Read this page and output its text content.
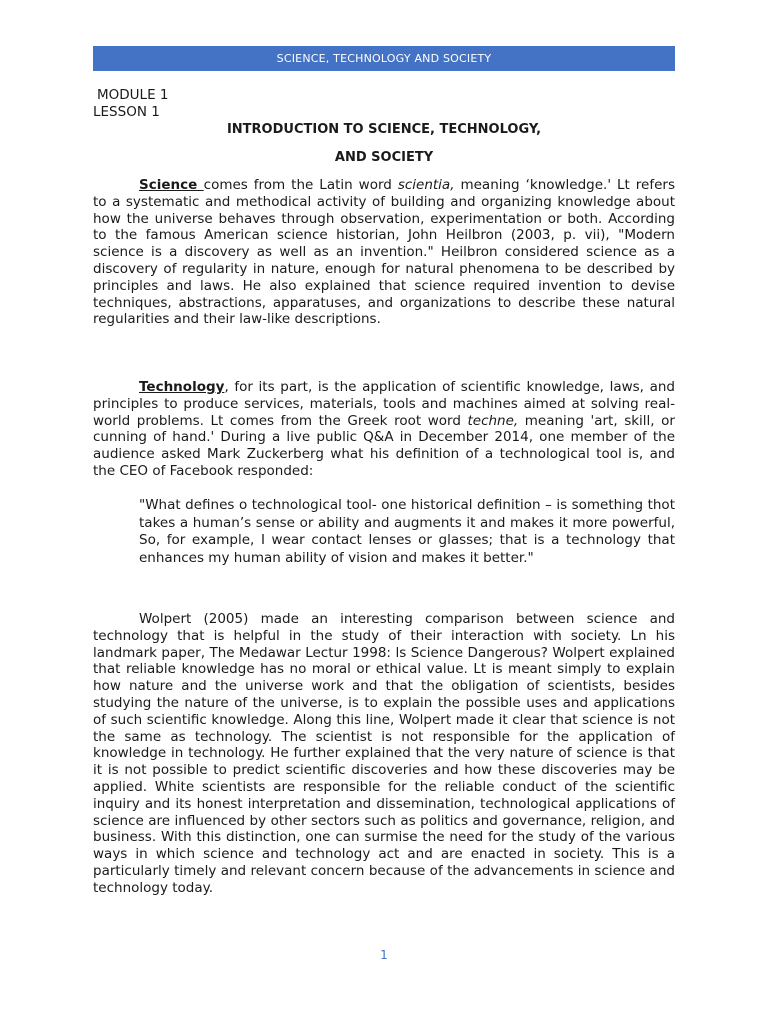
SCIENCE, TECHNOLOGY AND SOCIETY
MODULE 1
LESSON 1
INTRODUCTION TO SCIENCE, TECHNOLOGY,
AND SOCIETY

Science comes from the Latin word scientia, meaning ‘knowledge.' Lt refers to a systematic and methodical activity of building and organizing knowledge about how the universe behaves through observation, experimentation or both. According to the famous American science historian, John Heilbron (2003, p. vii), "Modern science is a discovery as well as an invention." Heilbron considered science as a discovery of regularity in nature, enough for natural phenomena to be described by principles and laws. He also explained that science required invention to devise techniques, abstractions, apparatuses, and organizations to describe these natural regularities and their law-like descriptions.

Technology, for its part, is the application of scientific knowledge, laws, and principles to produce services, materials, tools and machines aimed at solving real-world problems. Lt comes from the Greek root word techne, meaning 'art, skill, or cunning of hand.' During a live public Q&A in December 2014, one member of the audience asked Mark Zuckerberg what his definition of a technological tool is, and the CEO of Facebook responded:

"What defines o technological tool- one historical definition – is something thot takes a human’s sense or ability and augments it and makes it more powerful, So, for example, I wear contact lenses or glasses; that is a technology that enhances my human ability of vision and makes it better."

Wolpert (2005) made an interesting comparison between science and technology that is helpful in the study of their interaction with society. Ln his landmark paper, The Medawar Lectur 1998: ls Science Dangerous? Wolpert explained that reliable knowledge has no moral or ethical value. Lt is meant simply to explain how nature and the universe work and that the obligation of scientists, besides studying the nature of the universe, is to explain the possible uses and applications of such scientific knowledge. Along this line, Wolpert made it clear that science is not the same as technology. The scientist is not responsible for the application of knowledge in technology. He further explained that the very nature of science is that it is not possible to predict scientific discoveries and how these discoveries may be applied. White scientists are responsible for the reliable conduct of the scientific inquiry and its honest interpretation and dissemination, technological applications of science are influenced by other sectors such as politics and governance, religion, and business. With this distinction, one can surmise the need for the study of the various ways in which science and technology act and are enacted in society. This is a particularly timely and relevant concern because of the advancements in science and technology today.

1
